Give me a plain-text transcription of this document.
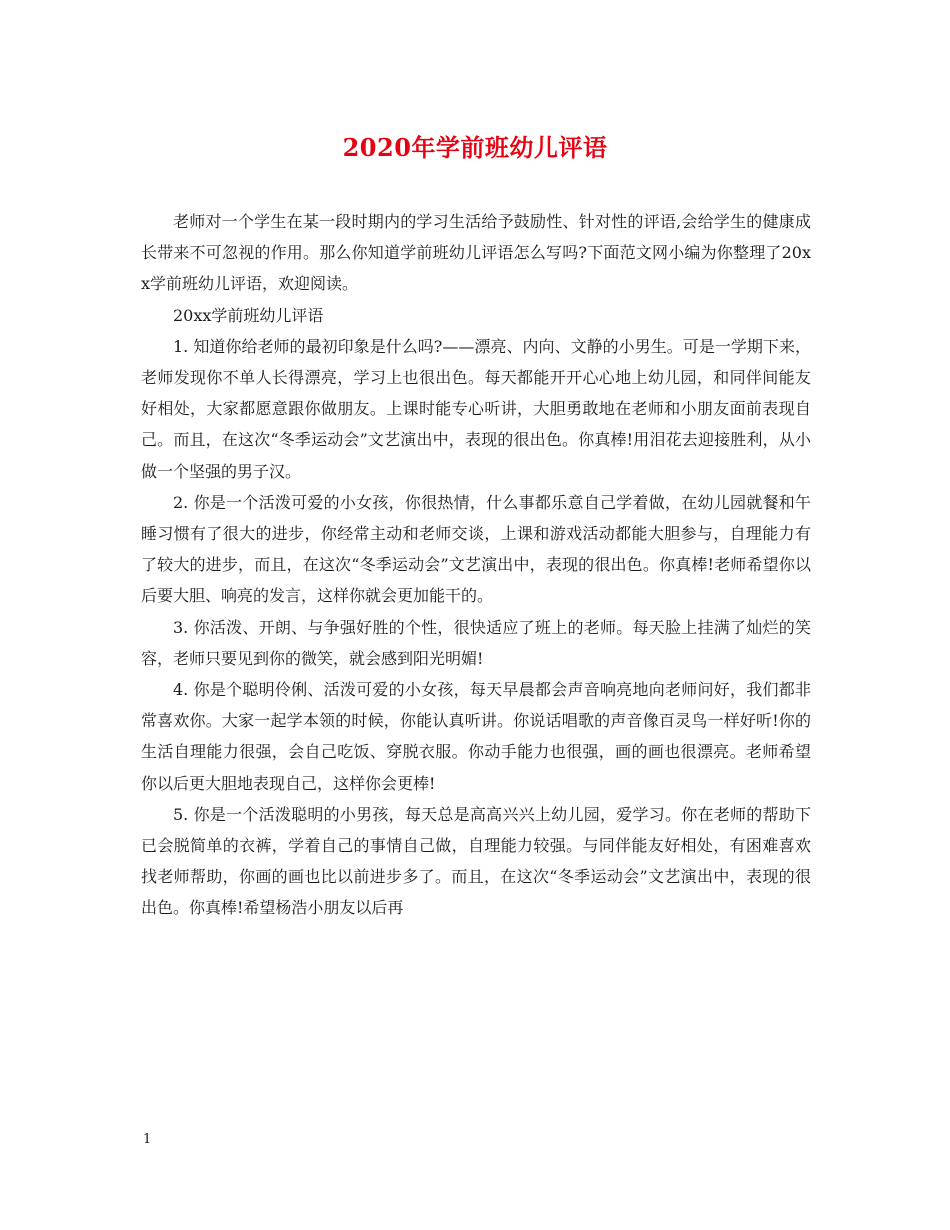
2020年学前班幼儿评语

老师对一个学生在某一段时期内的学习生活给予鼓励性、针对性的评语,会给学生的健康成长带来不可忽视的作用。那么你知道学前班幼儿评语怎么写吗?下面范文网小编为你整理了20xx学前班幼儿评语，欢迎阅读。

20xx学前班幼儿评语

1. 知道你给老师的最初印象是什么吗?——漂亮、内向、文静的小男生。可是一学期下来，老师发现你不单人长得漂亮，学习上也很出色。每天都能开开心心地上幼儿园，和同伴间能友好相处，大家都愿意跟你做朋友。上课时能专心听讲，大胆勇敢地在老师和小朋友面前表现自己。而且，在这次“冬季运动会”文艺演出中，表现的很出色。你真棒!用泪花去迎接胜利，从小做一个坚强的男子汉。

2. 你是一个活泼可爱的小女孩，你很热情，什么事都乐意自己学着做，在幼儿园就餐和午睡习惯有了很大的进步，你经常主动和老师交谈，上课和游戏活动都能大胆参与，自理能力有了较大的进步，而且，在这次“冬季运动会”文艺演出中，表现的很出色。你真棒!老师希望你以后要大胆、响亮的发言，这样你就会更加能干的。

3. 你活泼、开朗、与争强好胜的个性，很快适应了班上的老师。每天脸上挂满了灿烂的笑容，老师只要见到你的微笑，就会感到阳光明媚!

4. 你是个聪明伶俐、活泼可爱的小女孩，每天早晨都会声音响亮地向老师问好，我们都非常喜欢你。大家一起学本领的时候，你能认真听讲。你说话唱歌的声音像百灵鸟一样好听!你的生活自理能力很强，会自己吃饭、穿脱衣服。你动手能力也很强，画的画也很漂亮。老师希望你以后更大胆地表现自己，这样你会更棒!

5. 你是一个活泼聪明的小男孩，每天总是高高兴兴上幼儿园，爱学习。你在老师的帮助下已会脱简单的衣裤，学着自己的事情自己做，自理能力较强。与同伴能友好相处，有困难喜欢找老师帮助，你画的画也比以前进步多了。而且，在这次“冬季运动会”文艺演出中，表现的很出色。你真棒!希望杨浩小朋友以后再

1
